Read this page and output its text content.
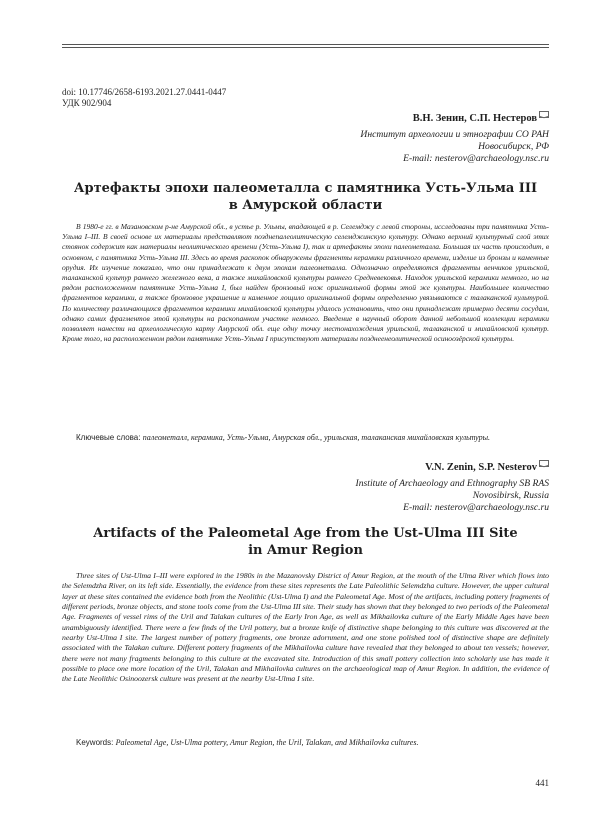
doi: 10.17746/2658-6193.2021.27.0441-0447
УДК 902/904
В.Н. Зенин, С.П. Нестеров
Институт археологии и этнографии СО РАН
Новосибирск, РФ
E-mail: nesterov@archaeology.nsc.ru
Артефакты эпохи палеометалла с памятника Усть-Ульма III
в Амурской области
В 1980-е гг. в Мазановском р-не Амурской обл., в устье р. Ульмы, впадающей в р. Селемджу с левой стороны, исследованы три памятника Усть-Ульма I–III. В своей основе их материалы представляют позднепалеолитическую селемджинскую культуру. Однако верхний культурный слой этих стоянок содержит как материалы неолитического времени (Усть-Ульма I), так и артефакты эпохи палеометалла. Большая их часть происходит, в основном, с памятника Усть-Ульма III. Здесь во время раскопок обнаружены фрагменты керамики различного времени, изделие из бронзы и каменные орудия. Их изучение показало, что они принадлежат к двум эпохам палеометалла. Однозначно определяются фрагменты венчиков урильской, талаканской культур раннего железного века, а также михайловской культуры раннего Средневековья. Находок урильской керамики немного, но на рядом расположенном памятнике Усть-Ульма I, был найден бронзовый нож оригинальной формы этой же культуры. Наибольшее количество фрагментов керамики, а также бронзовое украшение и каменное лощило оригинальной формы определенно увязываются с талаканской культурой. По количеству различающихся фрагментов керамики михайловской культуры удалось установить, что они принадлежат примерно десяти сосудам, однако самих фрагментов этой культуры на раскопанном участке немного. Введение в научный оборот данной небольшой коллекции керамики позволяет нанести на археологическую карту Амурской обл. еще одну точку местонахождения урильской, талаканской и михайловской культур. Кроме того, на расположенном рядом памятнике Усть-Ульма I присутствуют материалы позднеенеолитической осиноозёрской культуры.
Ключевые слова: палеометалл, керамика, Усть-Ульма, Амурская обл., урильская, талаканская михайловская культуры.
V.N. Zenin, S.P. Nesterov
Institute of Archaeology and Ethnography SB RAS
Novosibirsk, Russia
E-mail: nesterov@archaeology.nsc.ru
Artifacts of the Paleometal Age from the Ust-Ulma III Site
in Amur Region
Three sites of Ust-Ulma I–III were explored in the 1980s in the Mazanovsky District of Amur Region, at the mouth of the Ulma River which flows into the Selemdzha River, on its left side. Essentially, the evidence from these sites represents the Late Paleolithic Selemdzha culture. However, the upper cultural layer at these sites contained the evidence both from the Neolithic (Ust-Ulma I) and the Paleometal Age. Most of the artifacts, including pottery fragments of different periods, bronze objects, and stone tools come from the Ust-Ulma III site. Their study has shown that they belonged to two periods of the Paleometal Age. Fragments of vessel rims of the Uril and Talakan cultures of the Early Iron Age, as well as Mikhailovka culture of the Early Middle Ages have been unambiguously identified. There were a few finds of the Uril pottery, but a bronze knife of distinctive shape belonging to this culture was discovered at the nearby Ust-Ulma I site. The largest number of pottery fragments, one bronze adornment, and one stone polished tool of distinctive shape are definitely associated with the Talakan culture. Different pottery fragments of the Mikhailovka culture have revealed that they belonged to about ten vessels; however, there were not many fragments belonging to this culture at the excavated site. Introduction of this small pottery collection into scholarly use has made it possible to place one more location of the Uril, Talakan and Mikhailovka cultures on the archaeological map of Amur Region. In addition, the evidence of the Late Neolithic Osinoozersk culture was present at the nearby Ust-Ulma I site.
Keywords: Paleometal Age, Ust-Ulma pottery, Amur Region, the Uril, Talakan, and Mikhailovka cultures.
441
